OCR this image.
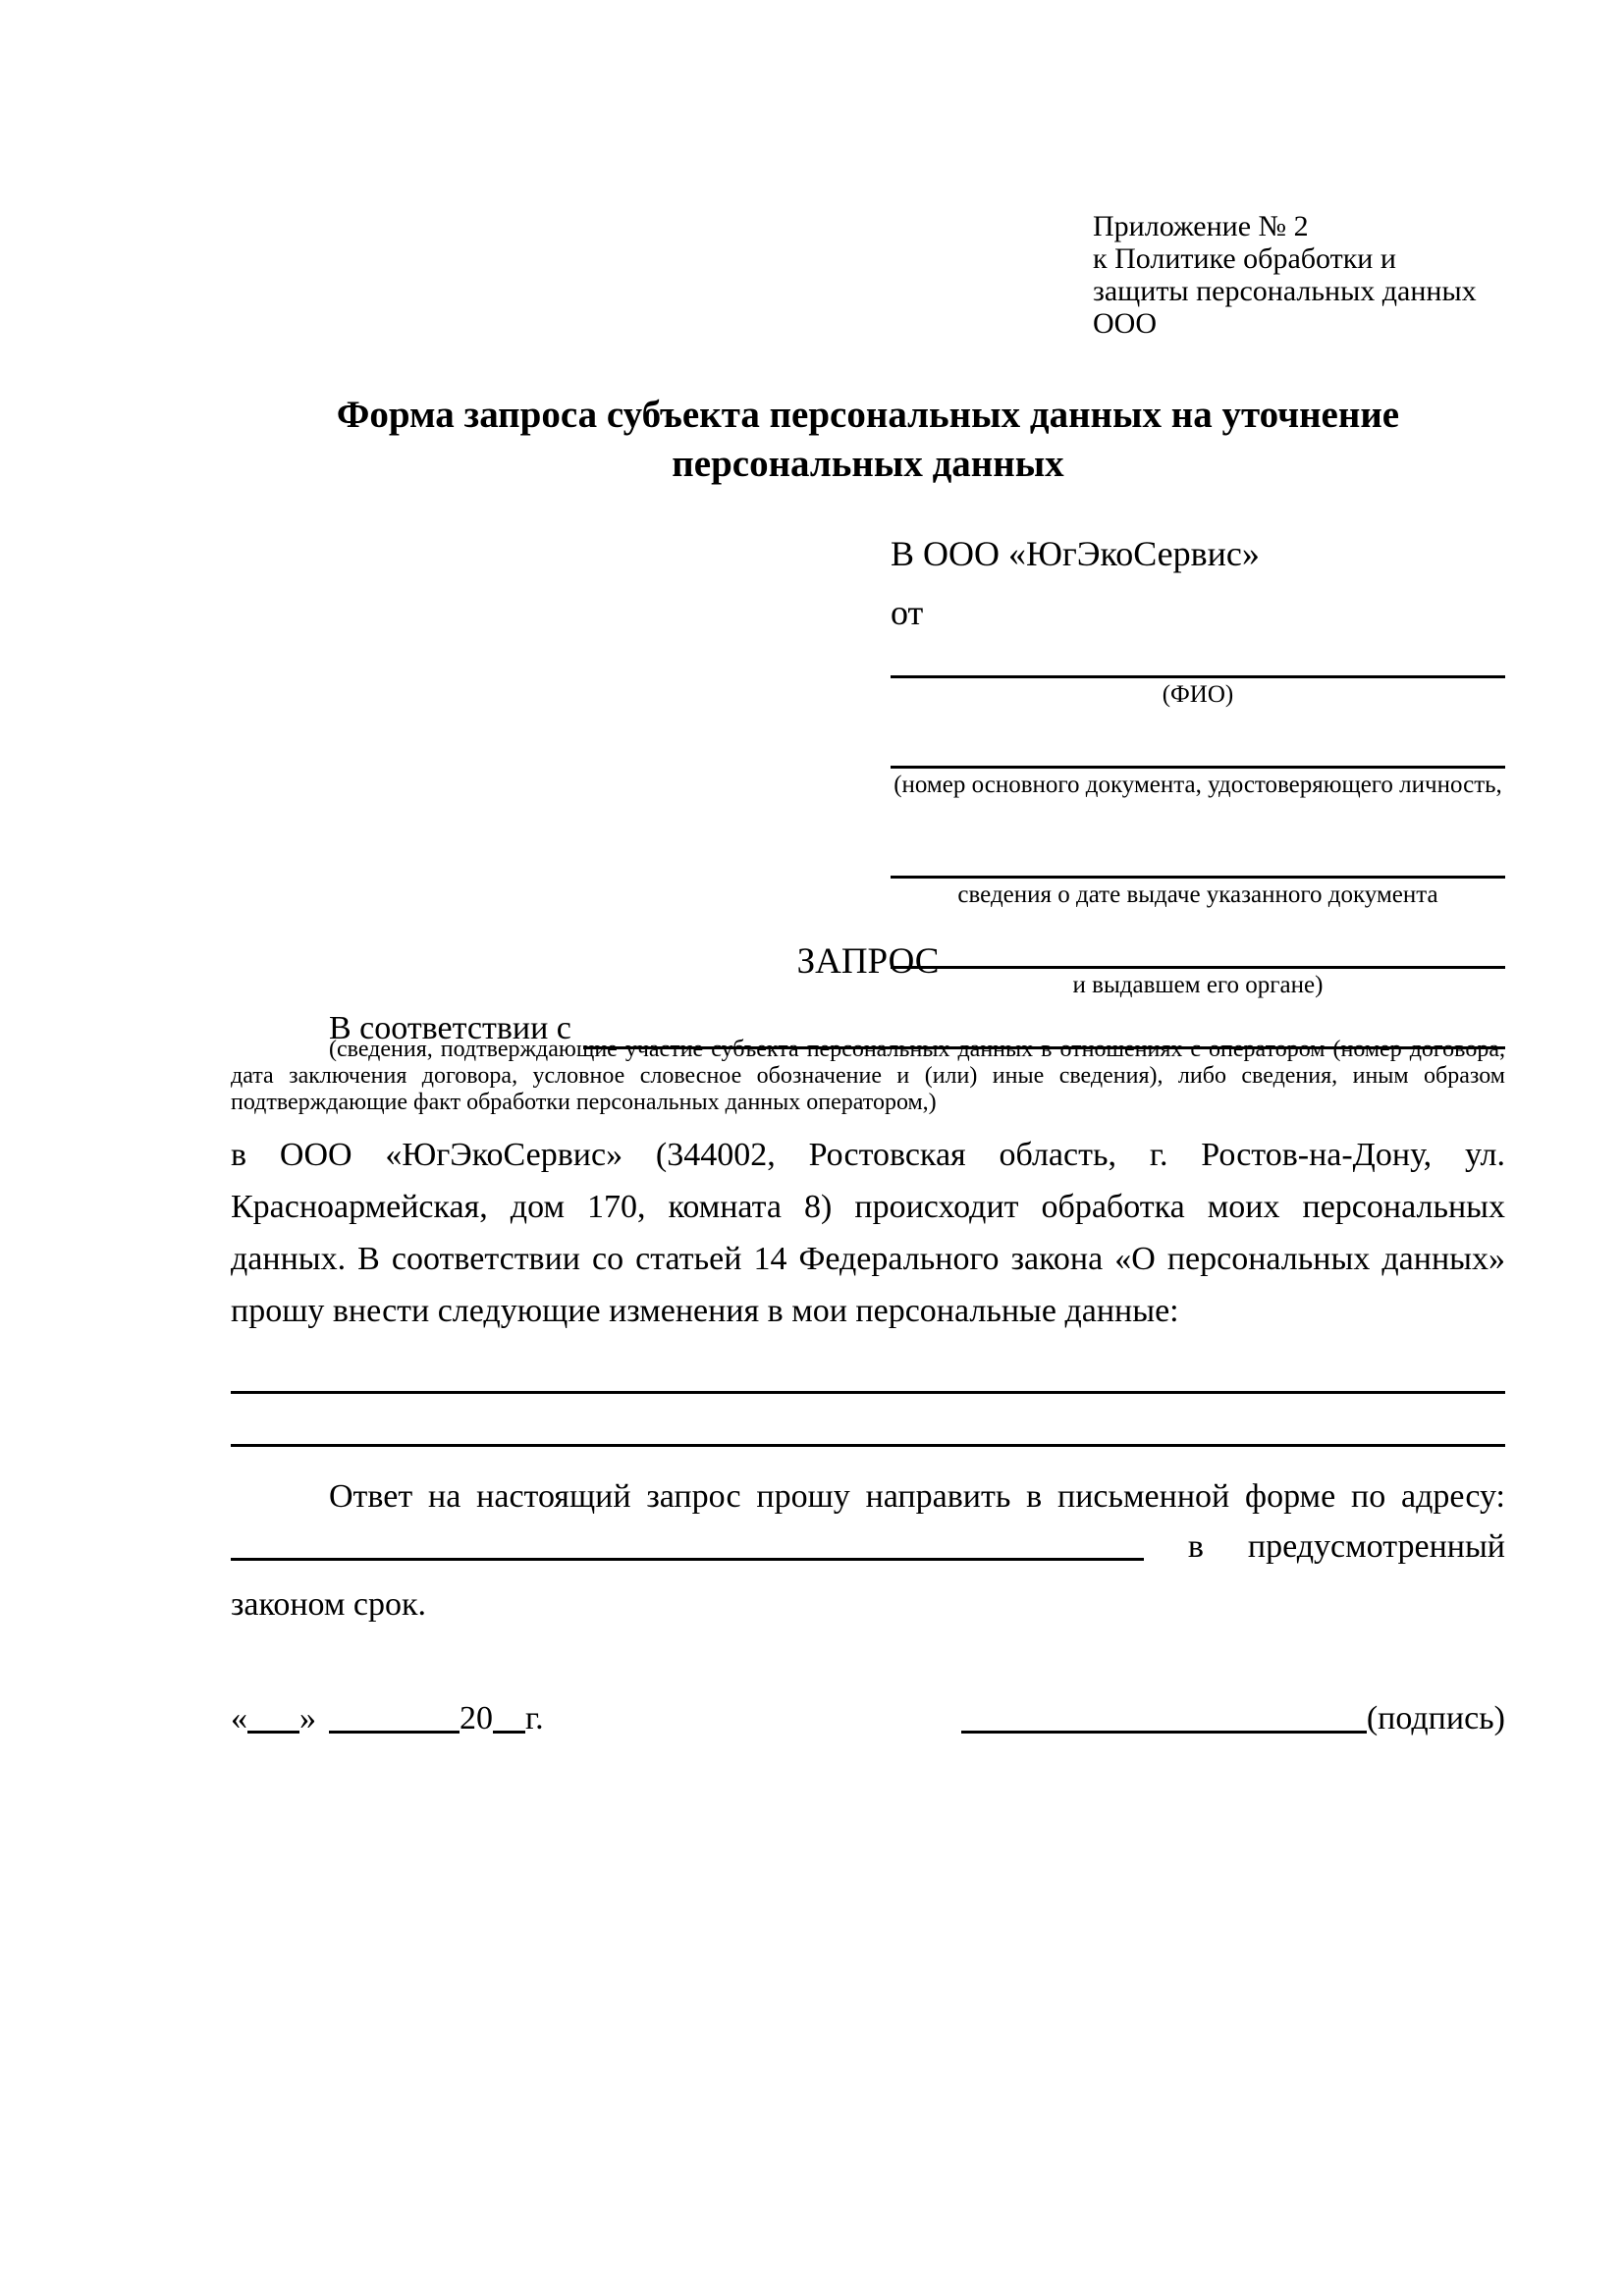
Приложение № 2
к Политике обработки и
защиты персональных данных
ООО
Форма запроса субъекта персональных данных на уточнение
персональных данных
В ООО «ЮгЭкоСервис»
от
(ФИО)
(номер основного документа, удостоверяющего личность,
сведения о дате выдаче указанного документа
и выдавшем его органе)
ЗАПРОС
В соответствии с
(сведения, подтверждающие участие субъекта персональных данных в отношениях с оператором (номер договора, дата заключения договора, условное словесное обозначение и (или) иные сведения), либо сведения, иным образом подтверждающие факт обработки персональных данных оператором,)
в ООО «ЮгЭкоСервис» (344002, Ростовская область, г. Ростов-на-Дону, ул. Красноармейская, дом 170, комната 8) происходит обработка моих персональных данных. В соответствии со статьей 14 Федерального закона «О персональных данных» прошу внести следующие изменения в мои персональные данные:
Ответ на настоящий запрос прошу направить в письменной форме по адресу:
в предусмотренный
законом срок.
« »	20 г.	(подпись)
